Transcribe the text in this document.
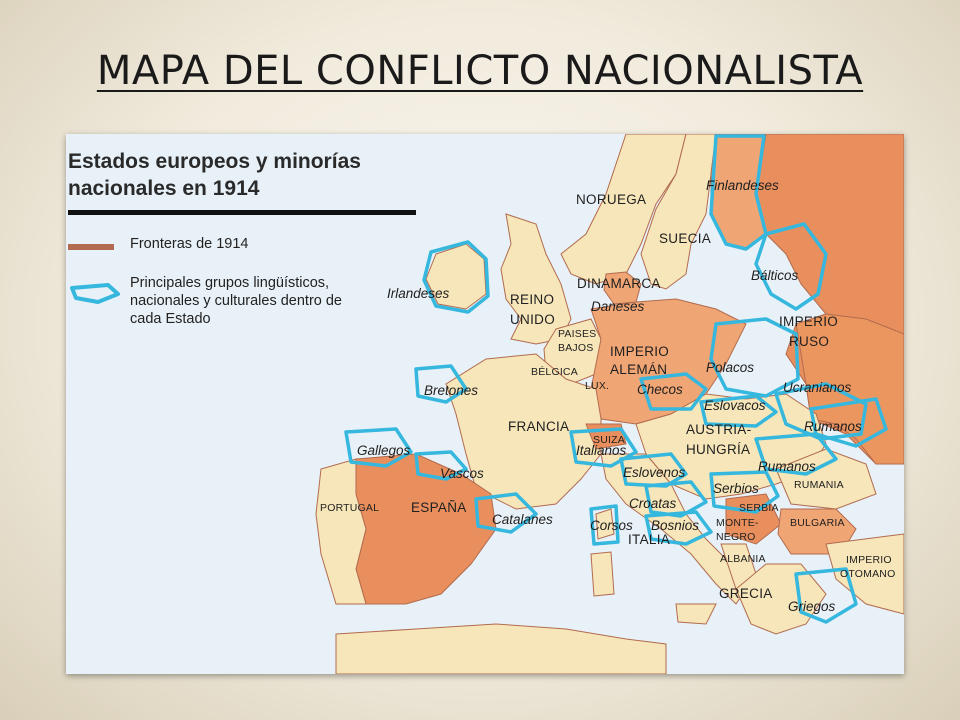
MAPA DEL CONFLICTO NACIONALISTA
Estados europeos y minorías
nacionales en 1914
Fronteras de 1914
Principales grupos lingüísticos, nacionales y culturales dentro de cada Estado
NORUEGA
SUECIA
DINAMARCA
REINO
UNIDO
PAISES
BAJOS
BÉLGICA
LUX.
IMPERIO
ALEMÁN
IMPERIO
RUSO
FRANCIA
SUIZA
AUSTRIA-
HUNGRÍA
RUMANIA
SERBIA
MONTE-
NEGRO
BULGARIA
ALBANIA
GRECIA
IMPERIO
OTOMANO
PORTUGAL ESPAÑA
ITALIA
Finlandeses
Bálticos
Irlandeses
Daneses
Polacos
Ucranianos
Bretones	Checos
Eslovacos
Rumanos
Rumanos
Gallegos	Italianos
Eslovenos
Vascos
Serbios
Croatas
Catalanes	Corsos Bosnios
Griegos
